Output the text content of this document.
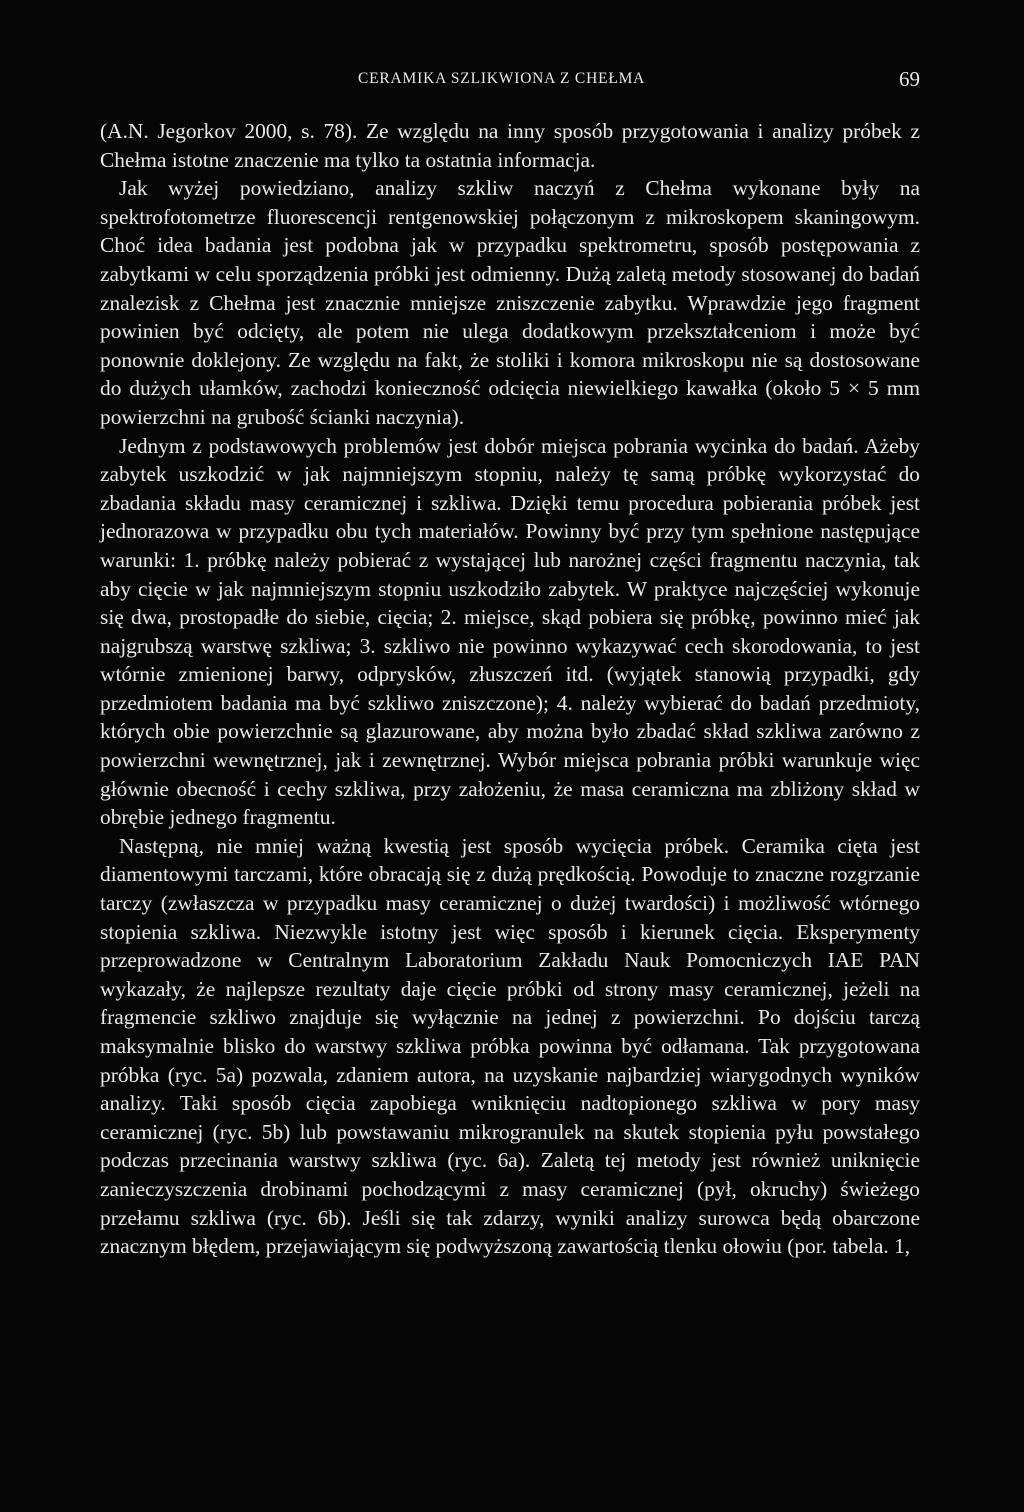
CERAMIKA SZLIKWIONA Z CHEŁMA	69

(A.N. Jegorkov 2000, s. 78). Ze względu na inny sposób przygotowania i analizy próbek z Chełma istotne znaczenie ma tylko ta ostatnia informacja.

Jak wyżej powiedziano, analizy szkliw naczyń z Chełma wykonane były na spektrofotometrze fluorescencji rentgenowskiej połączonym z mikroskopem skaningowym. Choć idea badania jest podobna jak w przypadku spektrometru, sposób postępowania z zabytkami w celu sporządzenia próbki jest odmienny. Dużą zaletą metody stosowanej do badań znalezisk z Chełma jest znacznie mniejsze zniszczenie zabytku. Wprawdzie jego fragment powinien być odcięty, ale potem nie ulega dodatkowym przekształceniom i może być ponownie doklejony. Ze względu na fakt, że stoliki i komora mikroskopu nie są dostosowane do dużych ułamków, zachodzi konieczność odcięcia niewielkiego kawałka (około 5 × 5 mm powierzchni na grubość ścianki naczynia).

Jednym z podstawowych problemów jest dobór miejsca pobrania wycinka do badań. Ażeby zabytek uszkodzić w jak najmniejszym stopniu, należy tę samą próbkę wykorzystać do zbadania składu masy ceramicznej i szkliwa. Dzięki temu procedura pobierania próbek jest jednorazowa w przypadku obu tych materiałów. Powinny być przy tym spełnione następujące warunki: 1. próbkę należy pobierać z wystającej lub narożnej części fragmentu naczynia, tak aby cięcie w jak najmniejszym stopniu uszkodziło zabytek. W praktyce najczęściej wykonuje się dwa, prostopadłe do siebie, cięcia; 2. miejsce, skąd pobiera się próbkę, powinno mieć jak najgrubszą warstwę szkliwa; 3. szkliwo nie powinno wykazywać cech skorodowania, to jest wtórnie zmienionej barwy, odprysków, złuszczeń itd. (wyjątek stanowią przypadki, gdy przedmiotem badania ma być szkliwo zniszczone); 4. należy wybierać do badań przedmioty, których obie powierzchnie są glazurowane, aby można było zbadać skład szkliwa zarówno z powierzchni wewnętrznej, jak i zewnętrznej. Wybór miejsca pobrania próbki warunkuje więc głównie obecność i cechy szkliwa, przy założeniu, że masa ceramiczna ma zbliżony skład w obrębie jednego fragmentu.

Następną, nie mniej ważną kwestią jest sposób wycięcia próbek. Ceramika cięta jest diamentowymi tarczami, które obracają się z dużą prędkością. Powoduje to znaczne rozgrzanie tarczy (zwłaszcza w przypadku masy ceramicznej o dużej twardości) i możliwość wtórnego stopienia szkliwa. Niezwykle istotny jest więc sposób i kierunek cięcia. Eksperymenty przeprowadzone w Centralnym Laboratorium Zakładu Nauk Pomocniczych IAE PAN wykazały, że najlepsze rezultaty daje cięcie próbki od strony masy ceramicznej, jeżeli na fragmencie szkliwo znajduje się wyłącznie na jednej z powierzchni. Po dojściu tarczą maksymalnie blisko do warstwy szkliwa próbka powinna być odłamana. Tak przygotowana próbka (ryc. 5a) pozwala, zdaniem autora, na uzyskanie najbardziej wiarygodnych wyników analizy. Taki sposób cięcia zapobiega wniknięciu nadtopionego szkliwa w pory masy ceramicznej (ryc. 5b) lub powstawaniu mikrogranulek na skutek stopienia pyłu powstałego podczas przecinania warstwy szkliwa (ryc. 6a). Zaletą tej metody jest również uniknięcie zanieczyszczenia drobinami pochodzącymi z masy ceramicznej (pył, okruchy) świeżego przełamu szkliwa (ryc. 6b). Jeśli się tak zdarzy, wyniki analizy surowca będą obarczone znacznym błędem, przejawiającym się podwyższoną zawartością tlenku ołowiu (por. tabela. 1,
